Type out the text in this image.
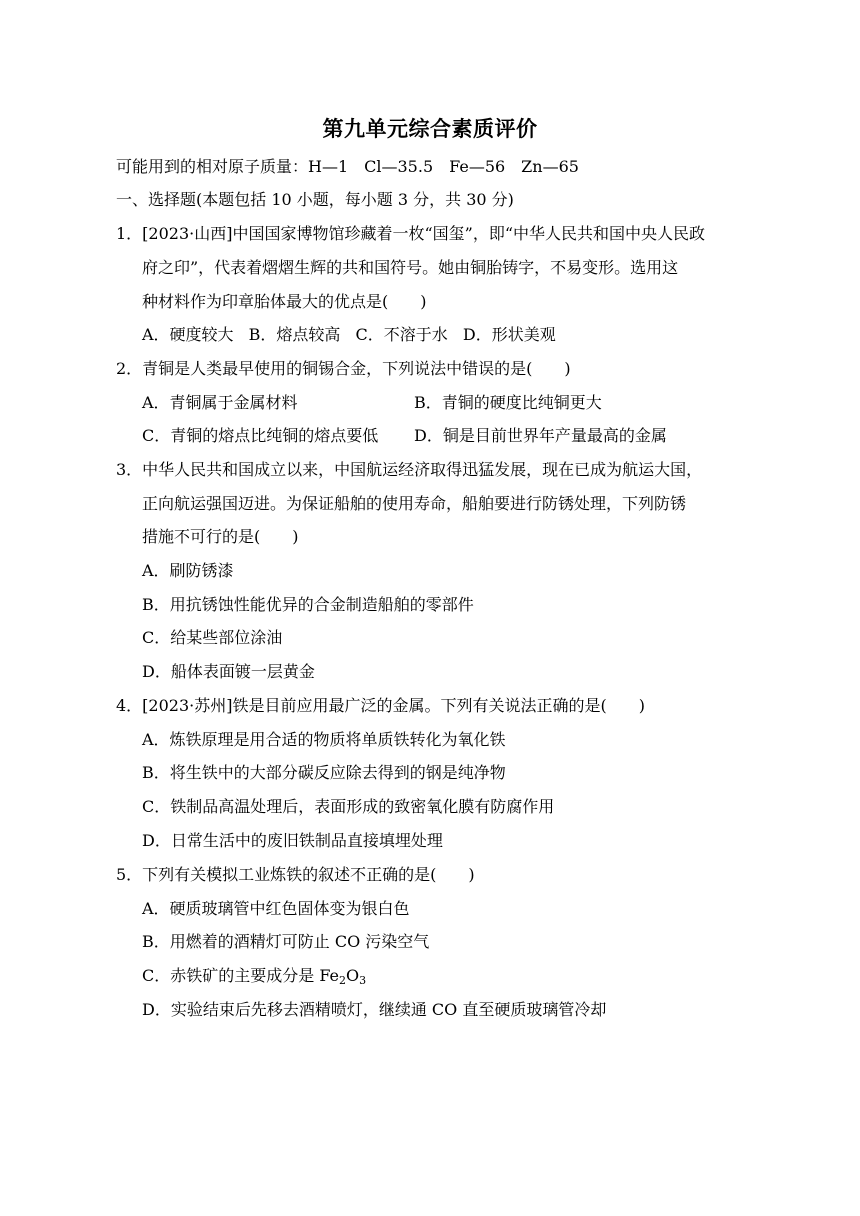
第九单元综合素质评价
可能用到的相对原子质量：H—1　Cl—35.5　Fe—56　Zn—65
一、选择题(本题包括 10 小题，每小题 3 分，共 30 分)
1．[2023·山西]中国国家博物馆珍藏着一枚“国玺”，即“中华人民共和国中央人民政
府之印”，代表着熠熠生辉的共和国符号。她由铜胎铸字，不易变形。选用这
种材料作为印章胎体最大的优点是(　　)
A．硬度较大 B．熔点较高 C．不溶于水 D．形状美观
2．青铜是人类最早使用的铜锡合金，下列说法中错误的是(　　)
A．青铜属于金属材料	B．青铜的硬度比纯铜更大
C．青铜的熔点比纯铜的熔点要低 D．铜是目前世界年产量最高的金属
3．中华人民共和国成立以来，中国航运经济取得迅猛发展，现在已成为航运大国，
正向航运强国迈进。为保证船舶的使用寿命，船舶要进行防锈处理，下列防锈
措施不可行的是(　　)
A．刷防锈漆
B．用抗锈蚀性能优异的合金制造船舶的零部件
C．给某些部位涂油
D．船体表面镀一层黄金
4．[2023·苏州]铁是目前应用最广泛的金属。下列有关说法正确的是(　　)
A．炼铁原理是用合适的物质将单质铁转化为氧化铁
B．将生铁中的大部分碳反应除去得到的钢是纯净物
C．铁制品高温处理后，表面形成的致密氧化膜有防腐作用
D．日常生活中的废旧铁制品直接填埋处理
5．下列有关模拟工业炼铁的叙述不正确的是(　　)
A．硬质玻璃管中红色固体变为银白色
B．用燃着的酒精灯可防止 CO 污染空气
C．赤铁矿的主要成分是 $Fe_2O_3$
D．实验结束后先移去酒精喷灯，继续通 CO 直至硬质玻璃管冷却
